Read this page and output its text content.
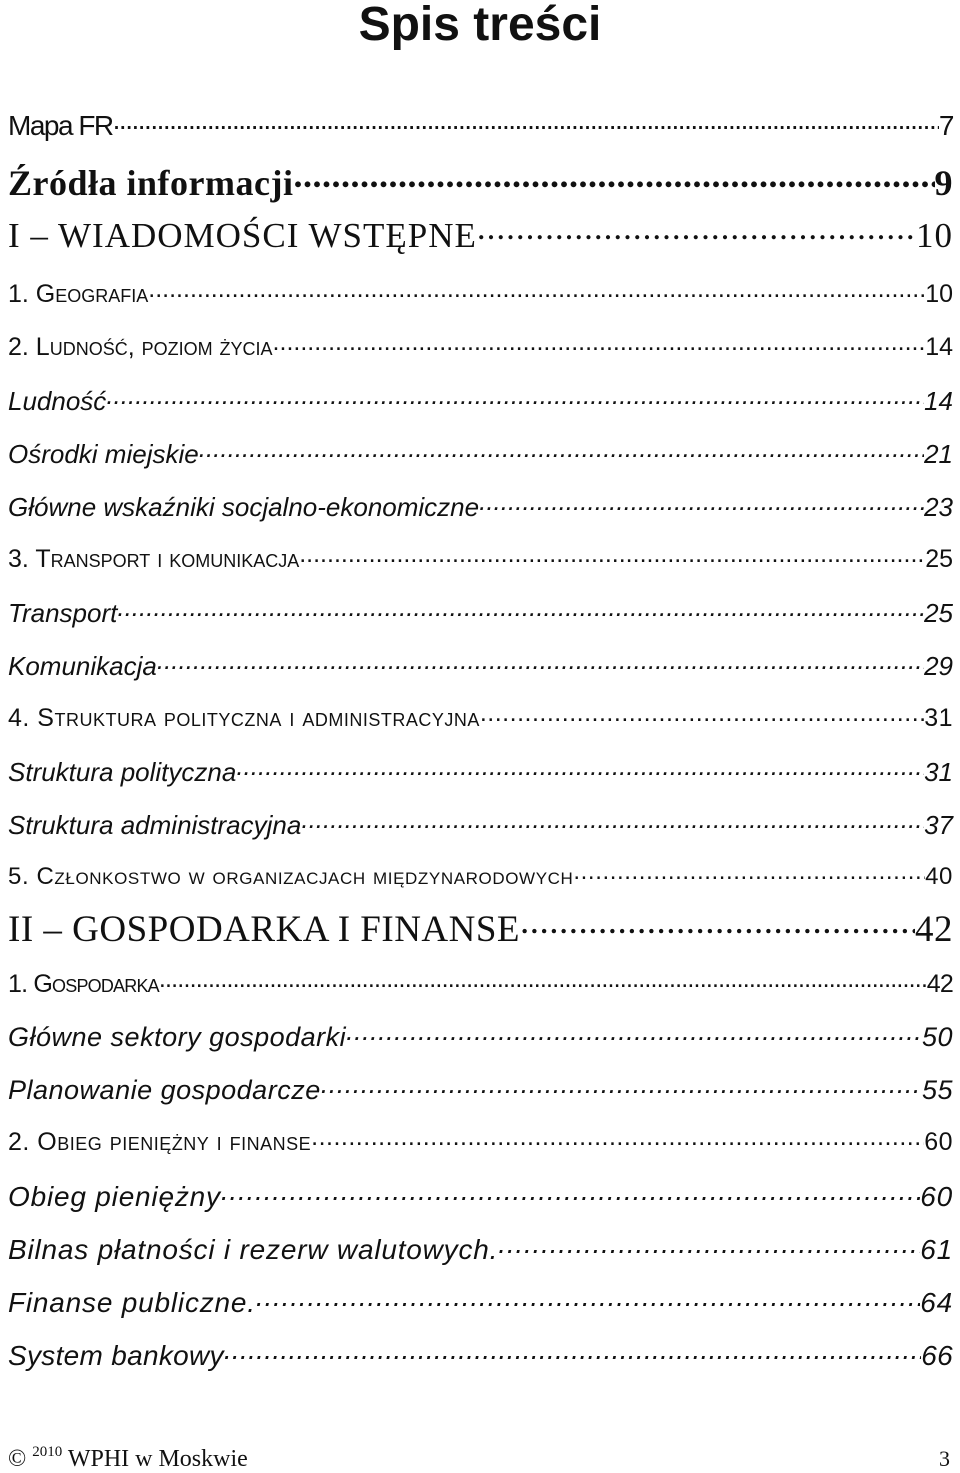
Spis treści
Mapa FR .....	7
Źródła informacji .....	9
I – WIADOMOŚCI WSTĘPNE .....	10
1. Geografia .....	10
2. Ludność, poziom życia .....	14
Ludność .....	14
Ośrodki miejskie .....	21
Główne wskaźniki socjalno-ekonomiczne .....	23
3. Transport i komunikacja .....	25
Transport .....	25
Komunikacja .....	29
4. Struktura polityczna i administracyjna .....	31
Struktura polityczna .....	31
Struktura administracyjna .....	37
5. Członkostwo w organizacjach międzynarodowych .....	40
II – GOSPODARKA I FINANSE .....	42
1. Gospodarka .....	42
Główne sektory gospodarki .....	50
Planowanie gospodarcze .....	55
2. Obieg pieniężny i finanse .....	60
Obieg pieniężny .....	60
Bilnas płatności i rezerw walutowych. .....	61
Finanse publiczne. .....	64
System bankowy .....	66
© $^{2010}$ WPHI w Moskwie	3
